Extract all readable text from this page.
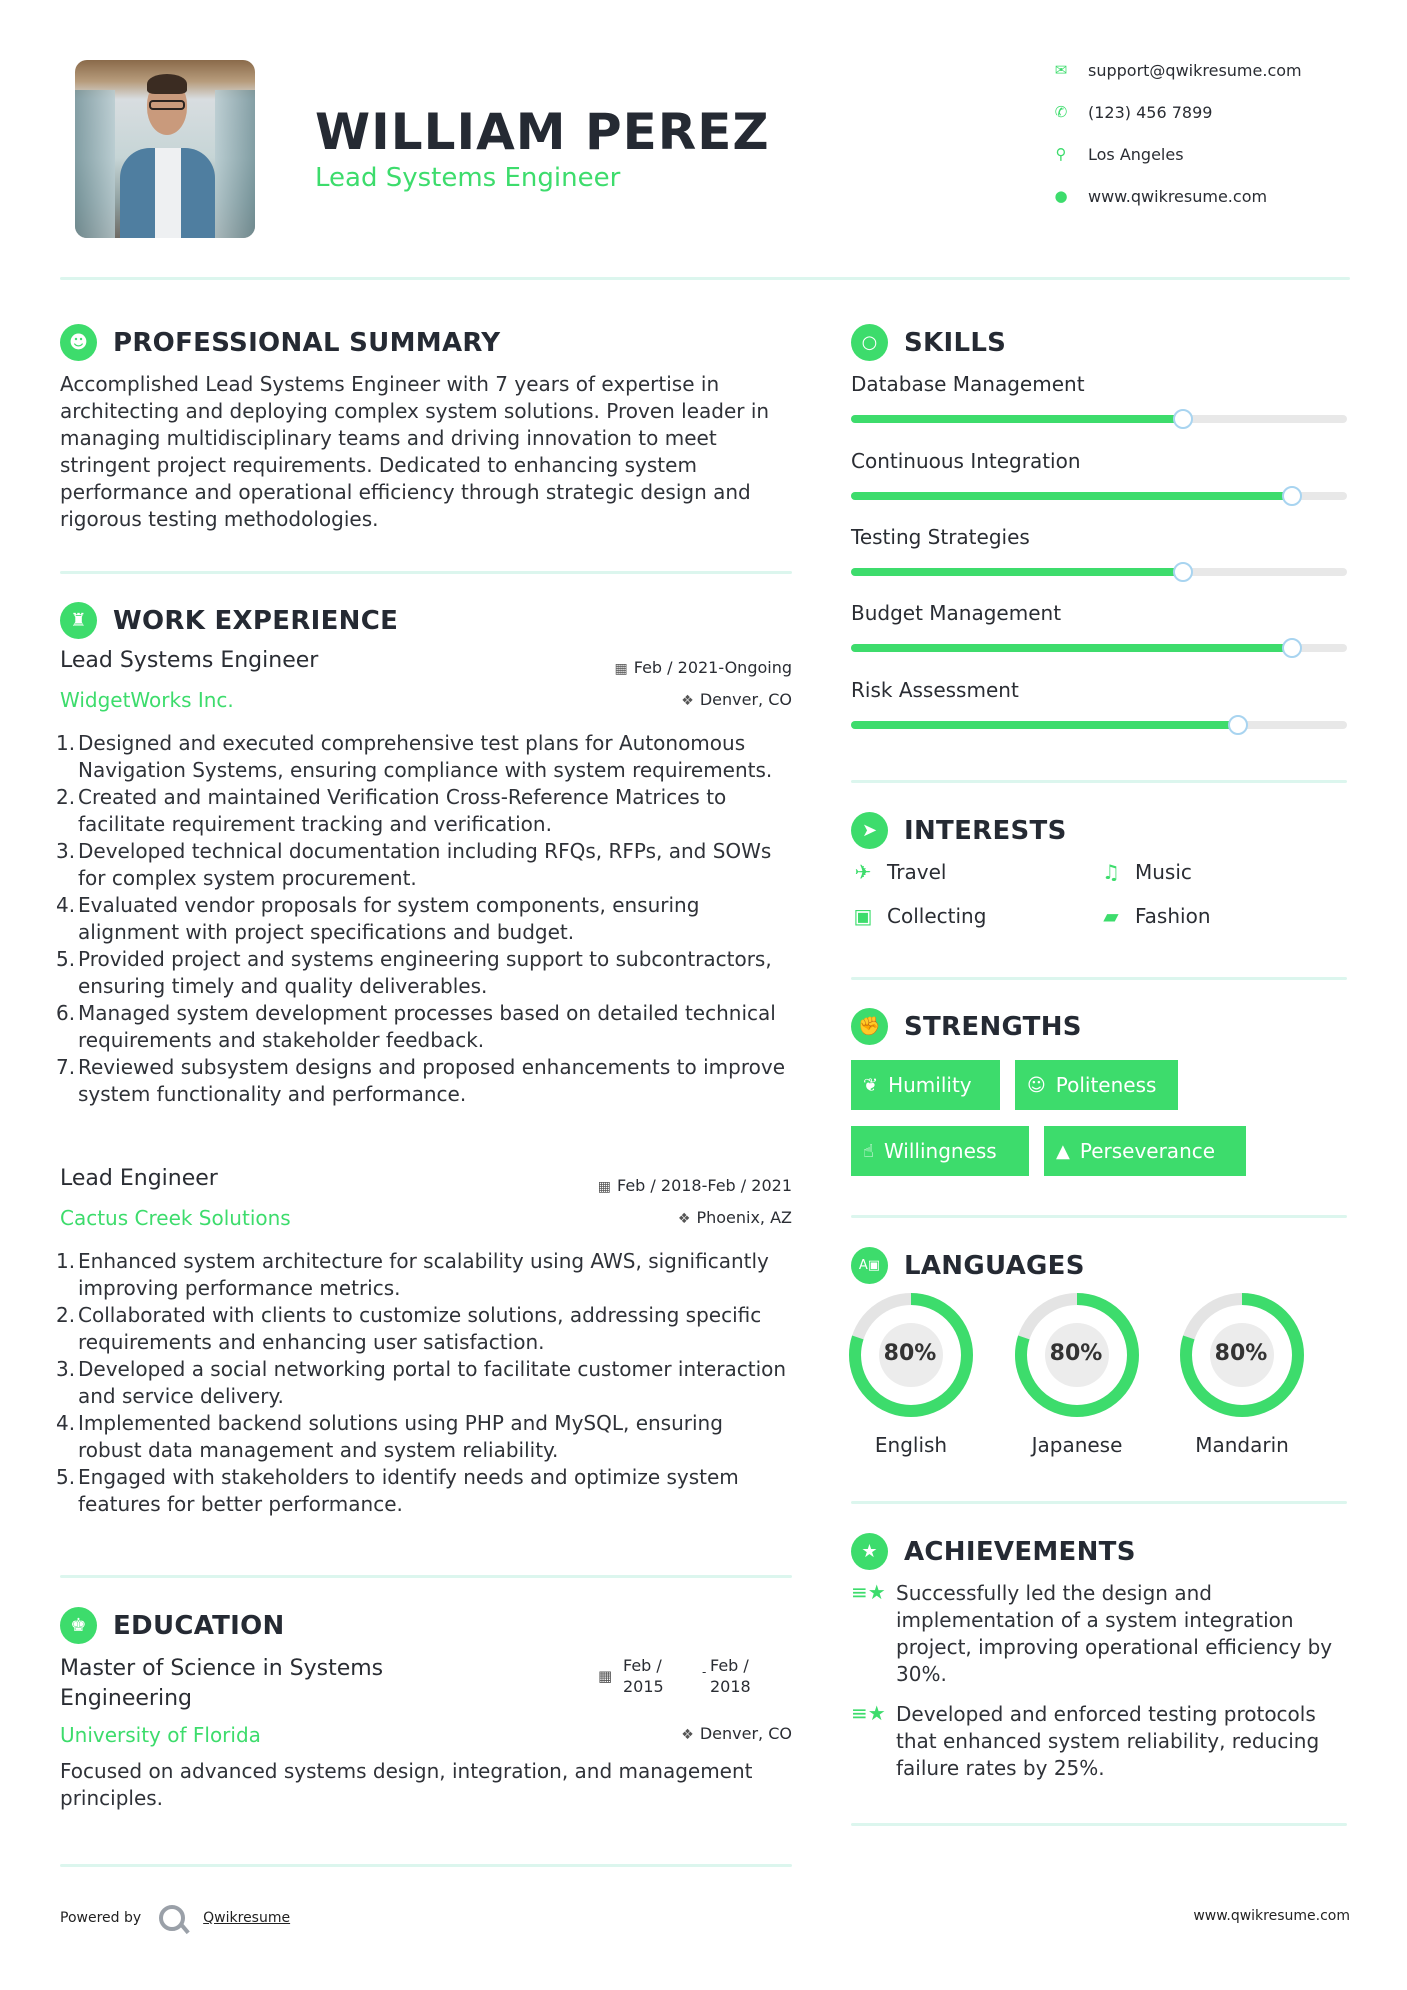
WILLIAM PEREZ
Lead Systems Engineer
✉ support@qwikresume.com
✆ (123) 456 7899
⚲ Los Angeles
● www.qwikresume.com
☻ PROFESSIONAL SUMMARY
Accomplished Lead Systems Engineer with 7 years of expertise in architecting and deploying complex system solutions. Proven leader in managing multidisciplinary teams and driving innovation to meet stringent project requirements. Dedicated to enhancing system performance and operational efficiency through strategic design and rigorous testing methodologies.
♜	WORK EXPERIENCE
Lead Systems Engineer
WidgetWorks Inc.
▦ Feb / 2021-Ongoing
❖ Denver, CO
1. Designed and executed comprehensive test plans for Autonomous Navigation Systems, ensuring compliance with system requirements.
2. Created and maintained Verification Cross-Reference Matrices to facilitate requirement tracking and verification.
3. Developed technical documentation including RFQs, RFPs, and SOWs for complex system procurement.
4. Evaluated vendor proposals for system components, ensuring alignment with project specifications and budget.
5. Provided project and systems engineering support to subcontractors, ensuring timely and quality deliverables.
6. Managed system development processes based on detailed technical requirements and stakeholder feedback.
7. Reviewed subsystem designs and proposed enhancements to improve system functionality and performance.
Lead Engineer
Cactus Creek Solutions
▦ Feb / 2018-Feb / 2021
❖ Phoenix, AZ
1. Enhanced system architecture for scalability using AWS, significantly improving performance metrics.
2. Collaborated with clients to customize solutions, addressing specific requirements and enhancing user satisfaction.
3. Developed a social networking portal to facilitate customer interaction and service delivery.
4. Implemented backend solutions using PHP and MySQL, ensuring robust data management and system reliability.
5. Engaged with stakeholders to identify needs and optimize system features for better performance.
♚	EDUCATION
Master of Science in Systems Engineering
▦
Feb / 2015
- Feb / 2018
University of Florida	❖ Denver, CO
Focused on advanced systems design, integration, and management principles.
○	SKILLS
Database Management
Continuous Integration
Testing Strategies
Budget Management
Risk Assessment
➤	INTERESTS
✈ Travel	♫ Music
▣ Collecting	▰ Fashion
✊ STRENGTHS
❦ Humility	☺ Politeness
☝ Willingness	▲ Perseverance
A▣ LANGUAGES
80%
English
80%
Japanese
80%
Mandarin
★	ACHIEVEMENTS
≡★ Successfully led the design and implementation of a system integration project, improving operational efficiency by 30%.
≡★ Developed and enforced testing protocols that enhanced system reliability, reducing failure rates by 25%.
Powered by	Qwikresume	www.qwikresume.com
